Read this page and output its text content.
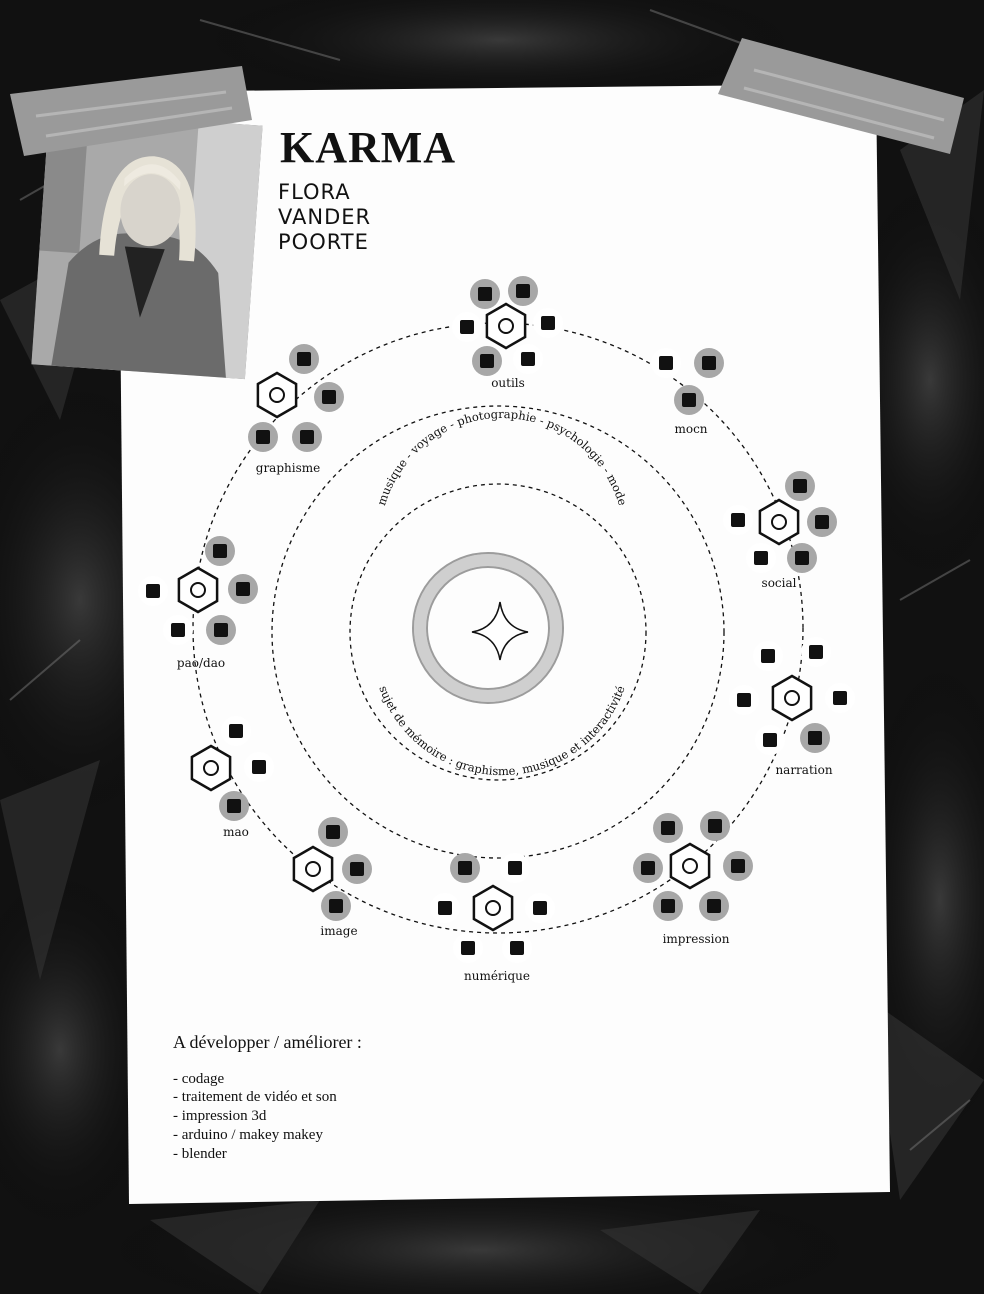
KARMA
FLORA
VANDER
POORTE
musique - voyage - photographie - psychologie - mode
sujet de mémoire : graphisme, musique et interactivité
outils
mocn
social
narration
impression
numérique
image
mao
pao/dao
graphisme
A développer / améliorer :
- codage
- traitement de vidéo et son
- impression 3d
- arduino / makey makey
- blender
